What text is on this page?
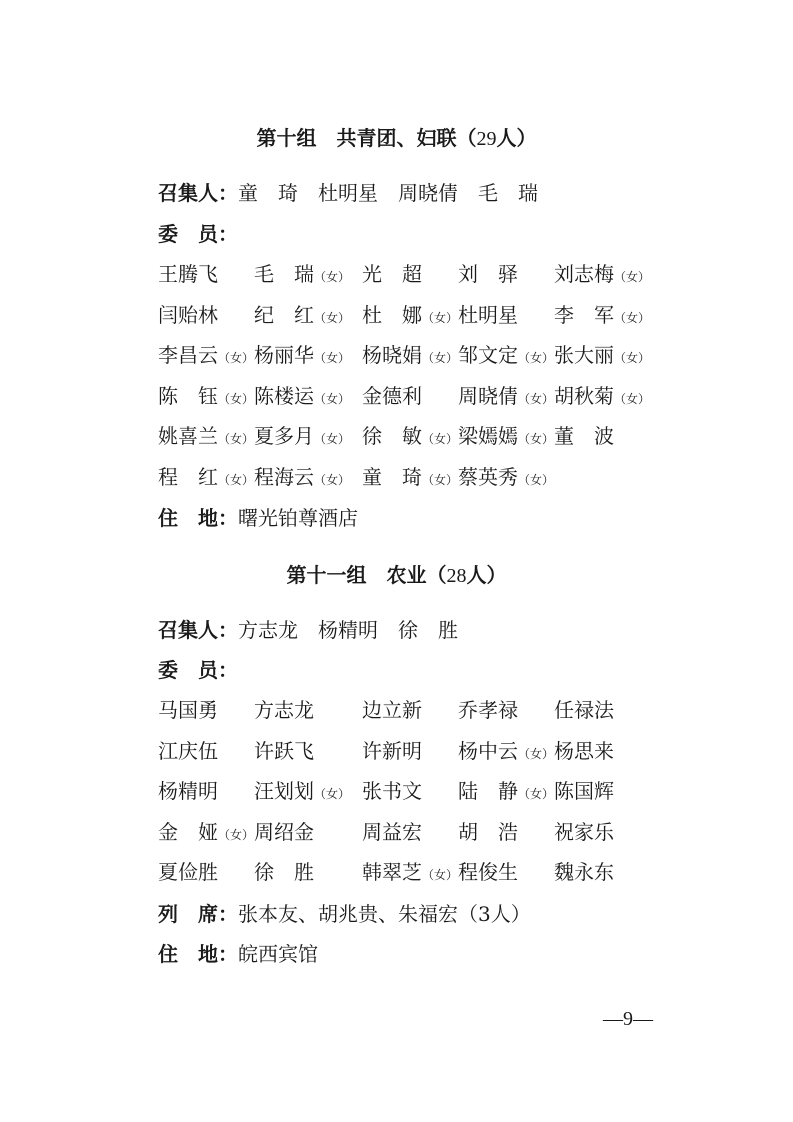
第十组　共青团、妇联（29人）
召集人：童　琦　杜明星　周晓倩　毛　瑞
委　员：
王腾飞 毛　瑞（女） 光　超 刘　驿 刘志梅（女）
闫贻林 纪　红（女） 杜　娜（女） 杜明星 李　军（女）
李昌云（女） 杨丽华（女） 杨晓娟（女） 邹文定（女） 张大丽（女）
陈　钰（女） 陈楼运（女） 金德利 周晓倩（女） 胡秋菊（女）
姚喜兰（女） 夏多月（女） 徐　敏（女） 梁嫣嫣（女） 董　波
程　红（女） 程海云（女） 童　琦（女） 蔡英秀（女）
住　地：曙光铂尊酒店
第十一组　农业（28人）
召集人：方志龙　杨精明　徐　胜
委　员：
马国勇 方志龙 边立新 乔孝禄 任禄法
江庆伍 许跃飞 许新明 杨中云（女） 杨思来
杨精明 汪划划（女） 张书文 陆　静（女） 陈国辉
金　娅（女） 周绍金 周益宏 胡　浩 祝家乐
夏俭胜 徐　胜 韩翠芝（女） 程俊生 魏永东
列　席：张本友、胡兆贵、朱福宏（3人）
住　地：皖西宾馆
—9—
